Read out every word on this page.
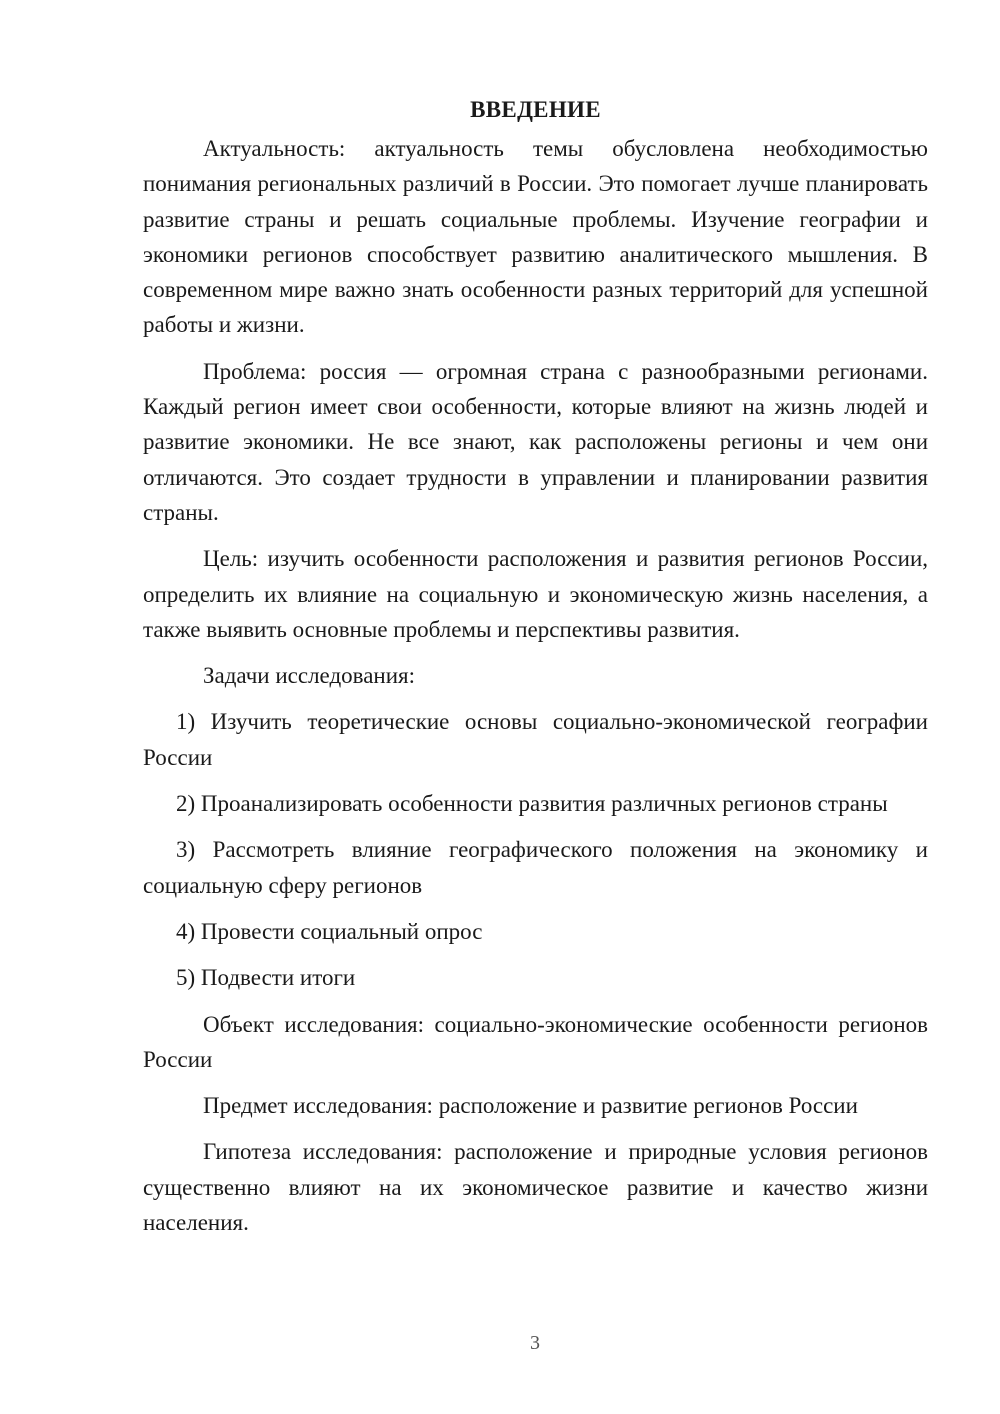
ВВЕДЕНИЕ

Актуальность: актуальность темы обусловлена необходимостью понимания региональных различий в России. Это помогает лучше планировать развитие страны и решать социальные проблемы. Изучение географии и экономики регионов способствует развитию аналитического мышления. В современном мире важно знать особенности разных территорий для успешной работы и жизни.

Проблема: россия — огромная страна с разнообразными регионами. Каждый регион имеет свои особенности, которые влияют на жизнь людей и развитие экономики. Не все знают, как расположены регионы и чем они отличаются. Это создает трудности в управлении и планировании развития страны.

Цель: изучить особенности расположения и развития регионов России, определить их влияние на социальную и экономическую жизнь населения, а также выявить основные проблемы и перспективы развития.

Задачи исследования:

1) Изучить теоретические основы социально-экономической географии России

2) Проанализировать особенности развития различных регионов страны

3) Рассмотреть влияние географического положения на экономику и социальную сферу регионов

4) Провести социальный опрос

5) Подвести итоги

Объект исследования: социально-экономические особенности регионов России

Предмет исследования: расположение и развитие регионов России

Гипотеза исследования: расположение и природные условия регионов существенно влияют на их экономическое развитие и качество жизни населения.

3
